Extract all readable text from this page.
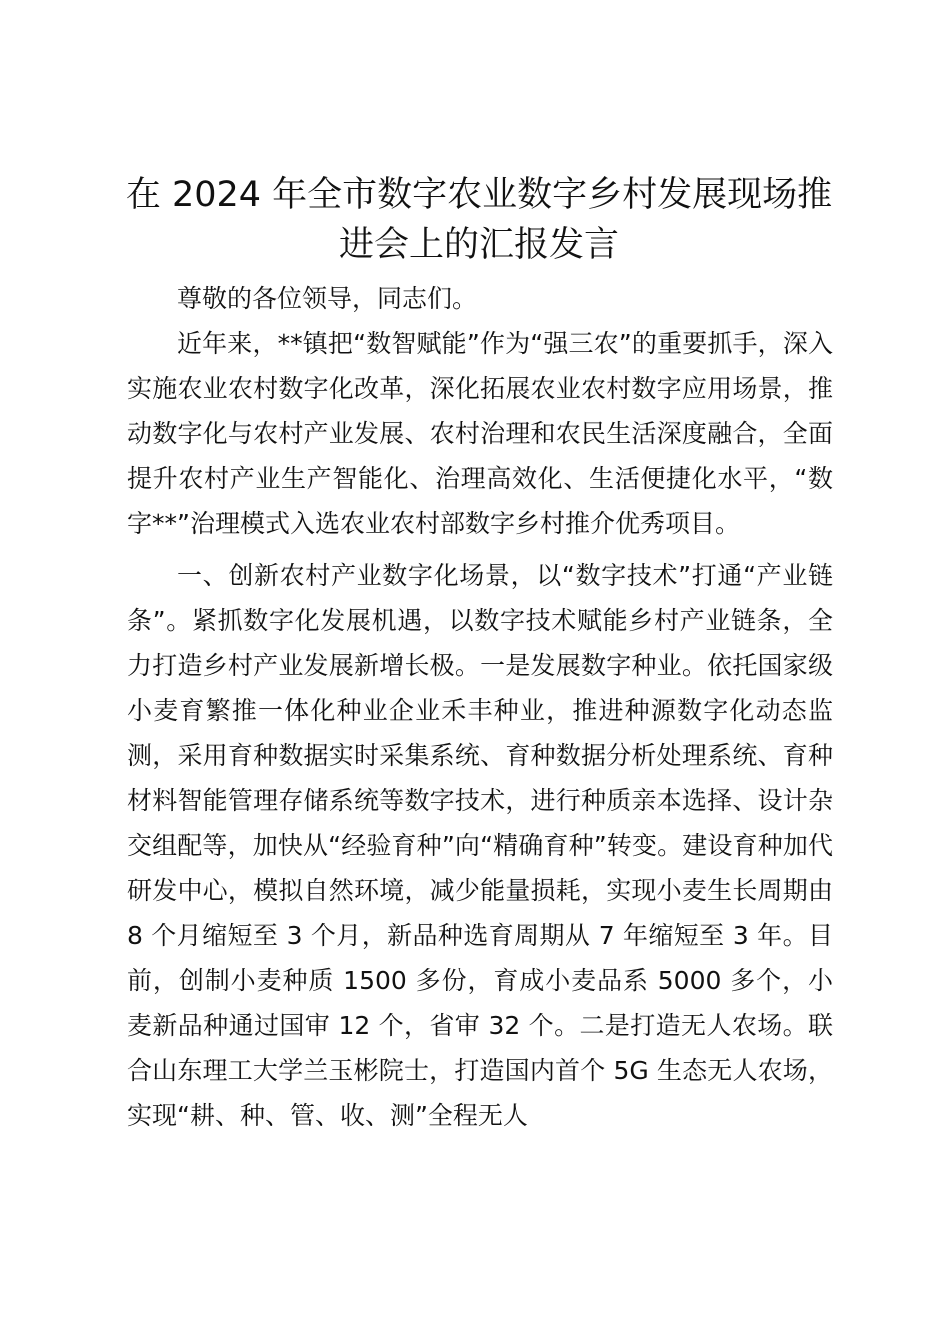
在 2024 年全市数字农业数字乡村发展现场推进会上的汇报发言

尊敬的各位领导，同志们。

近年来，**镇把“数智赋能”作为“强三农”的重要抓手，深入实施农业农村数字化改革，深化拓展农业农村数字应用场景，推动数字化与农村产业发展、农村治理和农民生活深度融合，全面提升农村产业生产智能化、治理高效化、生活便捷化水平，“数字**”治理模式入选农业农村部数字乡村推介优秀项目。

一、创新农村产业数字化场景，以“数字技术”打通“产业链条”。紧抓数字化发展机遇，以数字技术赋能乡村产业链条，全力打造乡村产业发展新增长极。一是发展数字种业。依托国家级小麦育繁推一体化种业企业禾丰种业，推进种源数字化动态监测，采用育种数据实时采集系统、育种数据分析处理系统、育种材料智能管理存储系统等数字技术，进行种质亲本选择、设计杂交组配等，加快从“经验育种”向“精确育种”转变。建设育种加代研发中心，模拟自然环境，减少能量损耗，实现小麦生长周期由 8 个月缩短至 3 个月，新品种选育周期从 7 年缩短至 3 年。目前，创制小麦种质 1500 多份，育成小麦品系 5000 多个，小麦新品种通过国审 12 个，省审 32 个。二是打造无人农场。联合山东理工大学兰玉彬院士，打造国内首个 5G 生态无人农场，实现“耕、种、管、收、测”全程无人
